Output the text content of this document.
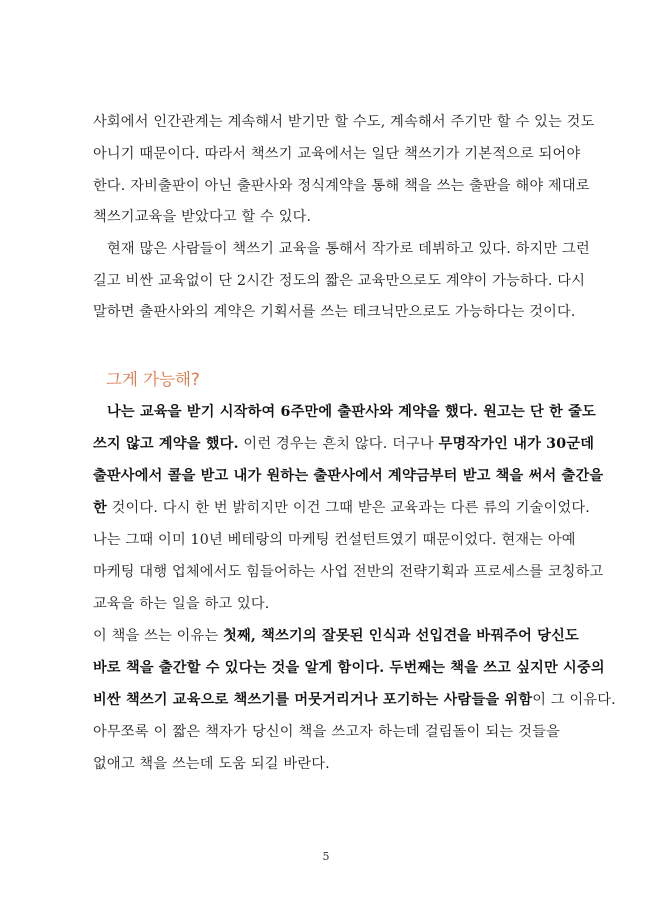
사회에서 인간관계는 계속해서 받기만 할 수도, 계속해서 주기만 할 수 있는 것도
아니기 때문이다. 따라서 책쓰기 교육에서는 일단 책쓰기가 기본적으로 되어야
한다. 자비출판이 아닌 출판사와 정식계약을 통해 책을 쓰는 출판을 해야 제대로
책쓰기교육을 받았다고 할 수 있다.
현재 많은 사람들이 책쓰기 교육을 통해서 작가로 데뷔하고 있다. 하지만 그런
길고 비싼 교육없이 단 2시간 정도의 짧은 교육만으로도 계약이 가능하다. 다시
말하면 출판사와의 계약은 기획서를 쓰는 테크닉만으로도 가능하다는 것이다.
나는 교육을 받기 시작하여 6주만에 출판사와 계약을 했다. 원고는 단 한 줄도
쓰지 않고 계약을 했다. 이런 경우는 흔치 않다. 더구나 무명작가인 내가 30군데
출판사에서 콜을 받고 내가 원하는 출판사에서 계약금부터 받고 책을 써서 출간을
한 것이다. 다시 한 번 밝히지만 이건 그때 받은 교육과는 다른 류의 기술이었다.
나는 그때 이미 10년 베테랑의 마케팅 컨설턴트였기 때문이었다. 현재는 아예
마케팅 대행 업체에서도 힘들어하는 사업 전반의 전략기획과 프로세스를 코칭하고
교육을 하는 일을 하고 있다.
이 책을 쓰는 이유는 첫째, 책쓰기의 잘못된 인식과 선입견을 바꿔주어 당신도
바로 책을 출간할 수 있다는 것을 알게 함이다. 두번째는 책을 쓰고 싶지만 시중의
비싼 책쓰기 교육으로 책쓰기를 머뭇거리거나 포기하는 사람들을 위함이 그 이유다.
아무쪼록 이 짧은 책자가 당신이 책을 쓰고자 하는데 걸림돌이 되는 것들을
없애고 책을 쓰는데 도움 되길 바란다.
그게 가능해?
5
